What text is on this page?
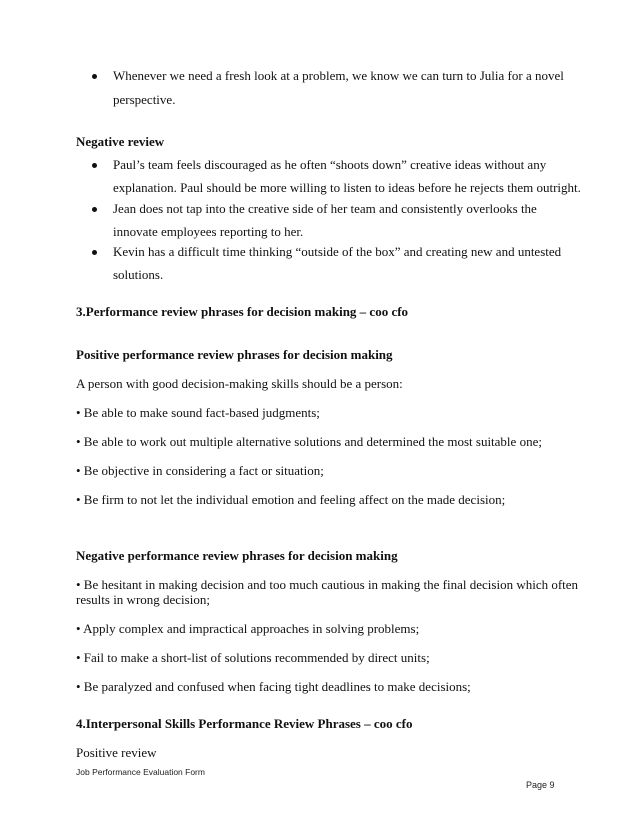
Whenever we need a fresh look at a problem, we know we can turn to Julia for a novel
perspective.
Negative review
Paul’s team feels discouraged as he often “shoots down” creative ideas without any
explanation. Paul should be more willing to listen to ideas before he rejects them outright.
Jean does not tap into the creative side of her team and consistently overlooks the
innovate employees reporting to her.
Kevin has a difficult time thinking “outside of the box” and creating new and untested
solutions.
3.Performance review phrases for decision making – coo cfo
Positive performance review phrases for decision making
A person with good decision-making skills should be a person:
• Be able to make sound fact-based judgments;
• Be able to work out multiple alternative solutions and determined the most suitable one;
• Be objective in considering a fact or situation;
• Be firm to not let the individual emotion and feeling affect on the made decision;
Negative performance review phrases for decision making
• Be hesitant in making decision and too much cautious in making the final decision which often
results in wrong decision;
• Apply complex and impractical approaches in solving problems;
• Fail to make a short-list of solutions recommended by direct units;
• Be paralyzed and confused when facing tight deadlines to make decisions;
4.Interpersonal Skills Performance Review Phrases – coo cfo
Positive review
Job Performance Evaluation Form
Page 9
